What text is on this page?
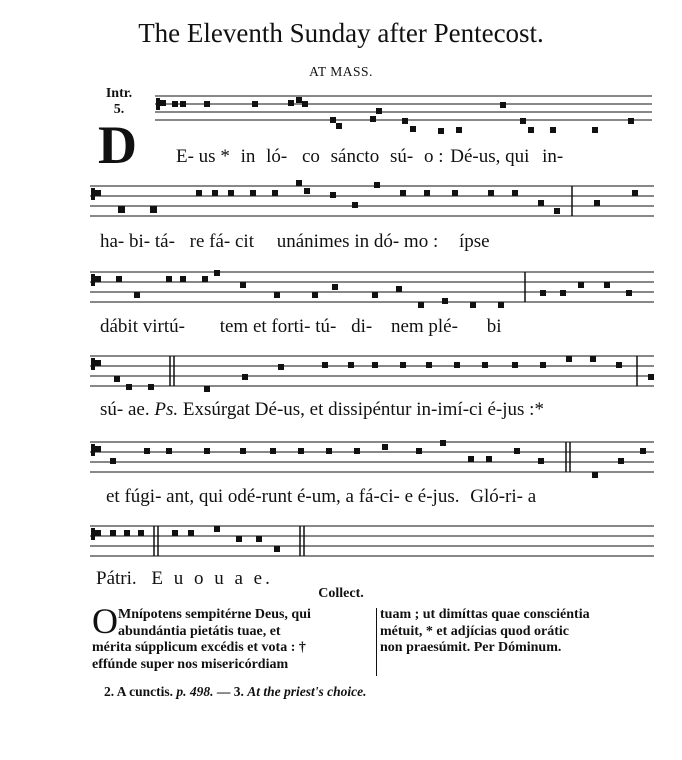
The Eleventh Sunday after Pentecost.
AT MASS.
Intr.
5.
D E- us * in ló- co sáncto sú- o : Dé-us, qui in-
ha- bi- tá- re fá- cit unánimes in dó- mo : ípse
dábit virtú- tem et forti- tú- di- nem plé- bi
sú- ae. Ps. Exsúrgat Dé-us, et dissipéntur in-imí-ci é-jus :*
et fúgi- ant, qui odé-runt é-um, a fá-ci- e é-jus. Gló-ri- a
Pátri. E u o u a e.
Collect.
O Mnípotens sempitérne Deus, qui
abundántia pietátis tuae, et
mérita súpplicum excédis et vota : †
effúnde super nos misericórdiam
tuam ; ut dimíttas quae consciéntia
métuit, * et adjícias quod orátic
non praesúmit. Per Dóminum.
2. A cunctis. p. 498. — 3. At the priest's choice.
